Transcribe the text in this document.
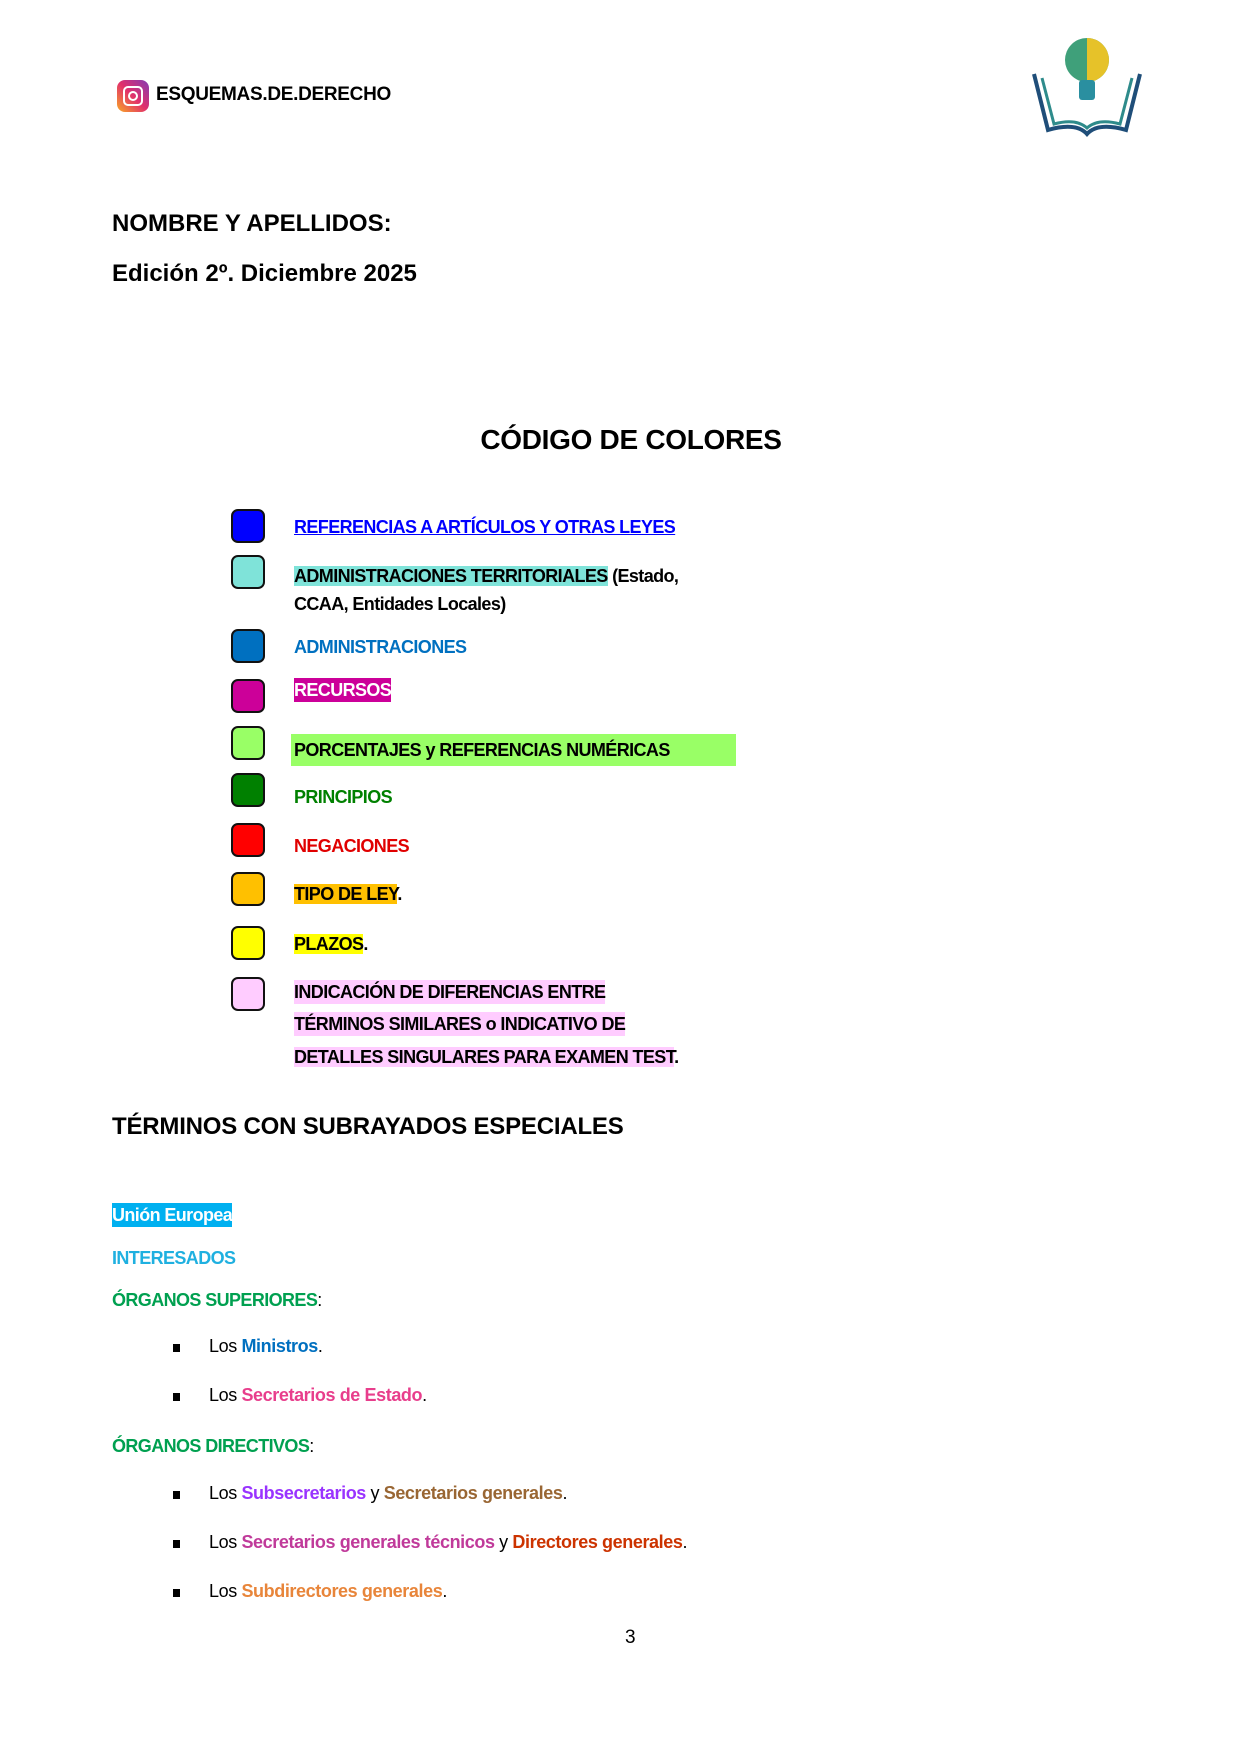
ESQUEMAS.DE.DERECHO
NOMBRE Y APELLIDOS:
Edición 2º. Diciembre 2025
CÓDIGO DE COLORES
REFERENCIAS A ARTÍCULOS Y OTRAS LEYES
ADMINISTRACIONES TERRITORIALES (Estado,
CCAA, Entidades Locales)
ADMINISTRACIONES
RECURSOS
PORCENTAJES y REFERENCIAS NUMÉRICAS
PRINCIPIOS
NEGACIONES
TIPO DE LEY.
PLAZOS.
INDICACIÓN DE DIFERENCIAS ENTRE
TÉRMINOS SIMILARES o INDICATIVO DE
DETALLES SINGULARES PARA EXAMEN TEST.
TÉRMINOS CON SUBRAYADOS ESPECIALES
Unión Europea
INTERESADOS
ÓRGANOS SUPERIORES:
Los Ministros.
Los Secretarios de Estado.
ÓRGANOS DIRECTIVOS:
Los Subsecretarios y Secretarios generales.
Los Secretarios generales técnicos y Directores generales.
Los Subdirectores generales.
3
